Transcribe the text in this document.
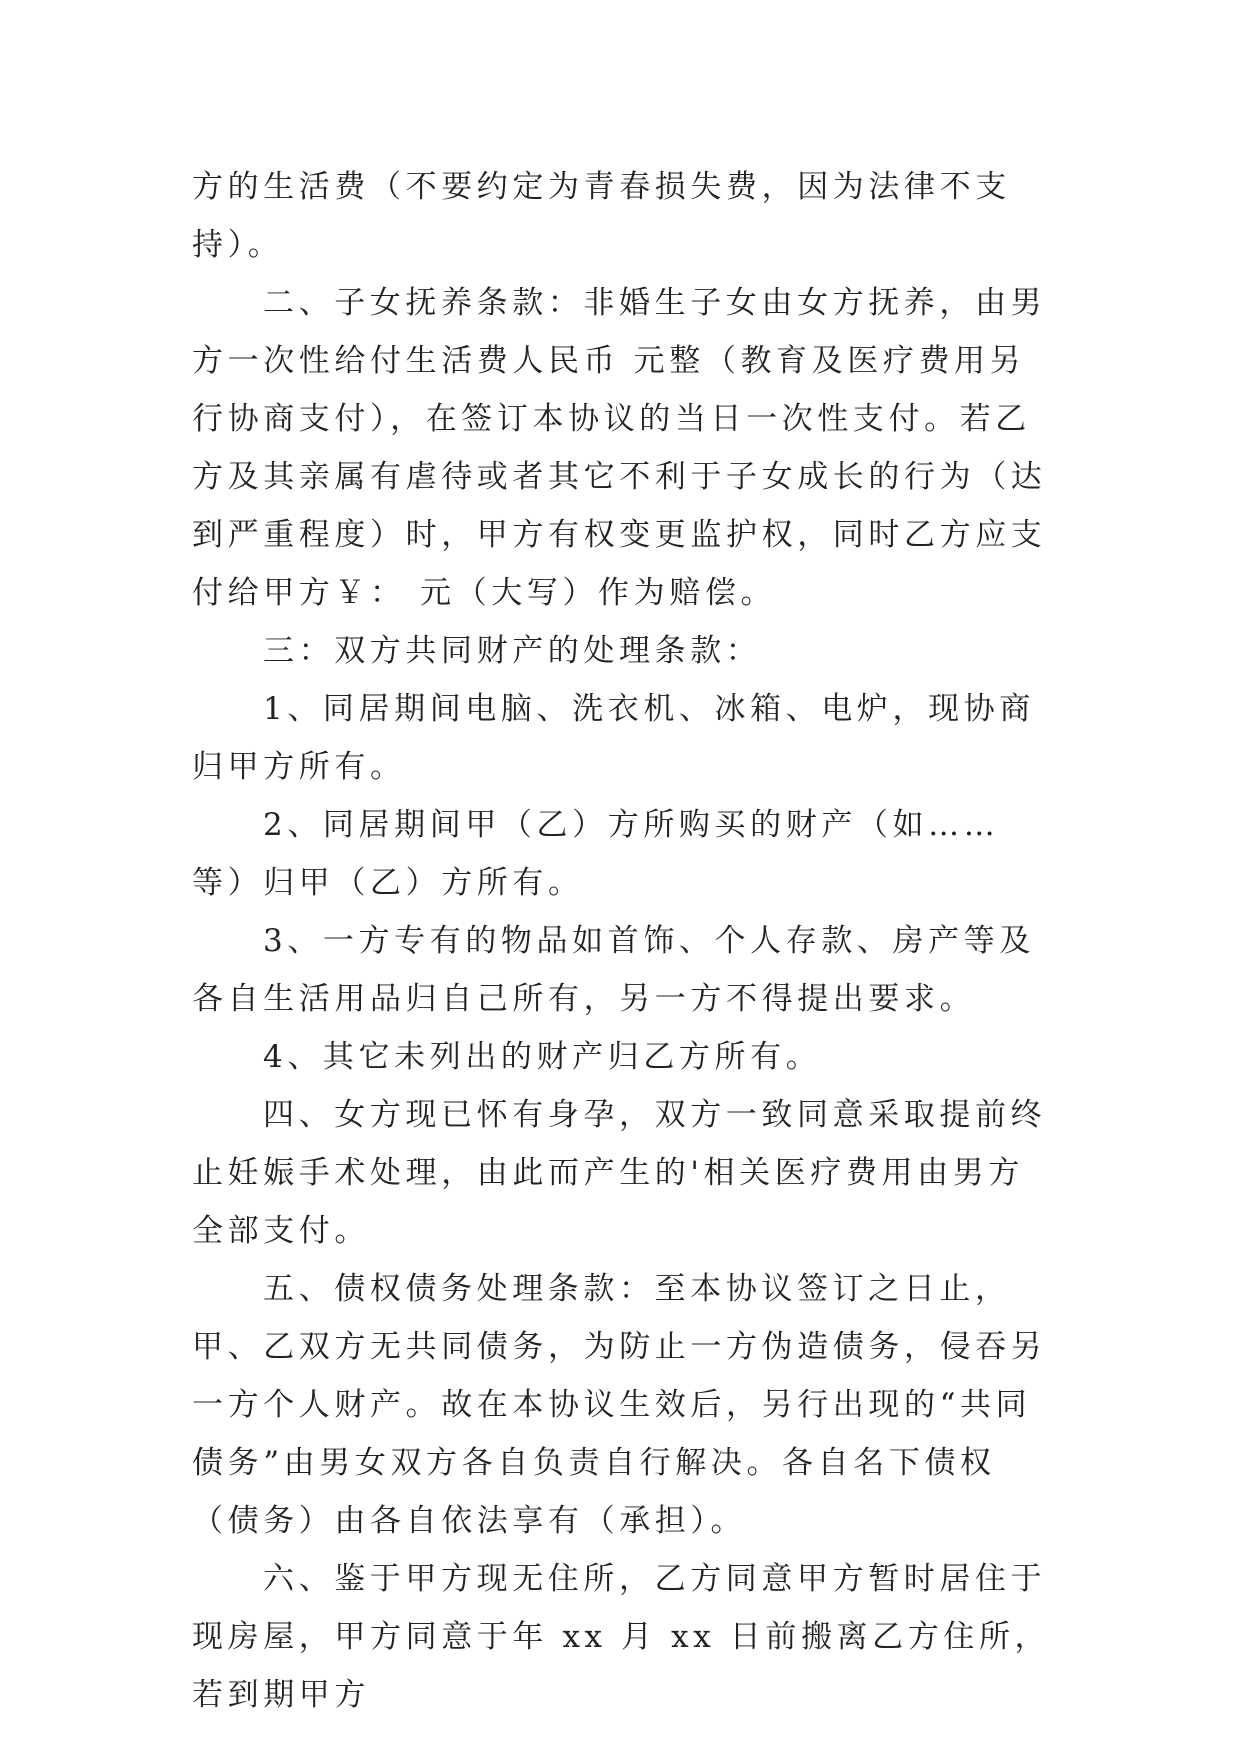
方的生活费（不要约定为青春损失费，因为法律不支持）。

二、子女抚养条款：非婚生子女由女方抚养，由男方一次性给付生活费人民币 元整（教育及医疗费用另行协商支付），在签订本协议的当日一次性支付。若乙方及其亲属有虐待或者其它不利于子女成长的行为（达到严重程度）时，甲方有权变更监护权，同时乙方应支付给甲方￥： 元（大写）作为赔偿。

三：双方共同财产的处理条款：

1、同居期间电脑、洗衣机、冰箱、电炉，现协商归甲方所有。

2、同居期间甲（乙）方所购买的财产（如……等）归甲（乙）方所有。

3、一方专有的物品如首饰、个人存款、房产等及各自生活用品归自己所有，另一方不得提出要求。

4、其它未列出的财产归乙方所有。

四、女方现已怀有身孕，双方一致同意采取提前终止妊娠手术处理，由此而产生的'相关医疗费用由男方全部支付。

五、债权债务处理条款：至本协议签订之日止，甲、乙双方无共同债务，为防止一方伪造债务，侵吞另一方个人财产。故在本协议生效后，另行出现的“共同债务”由男女双方各自负责自行解决。各自名下债权（债务）由各自依法享有（承担）。

六、鉴于甲方现无住所，乙方同意甲方暂时居住于现房屋，甲方同意于年 xx 月 xx 日前搬离乙方住所，若到期甲方
